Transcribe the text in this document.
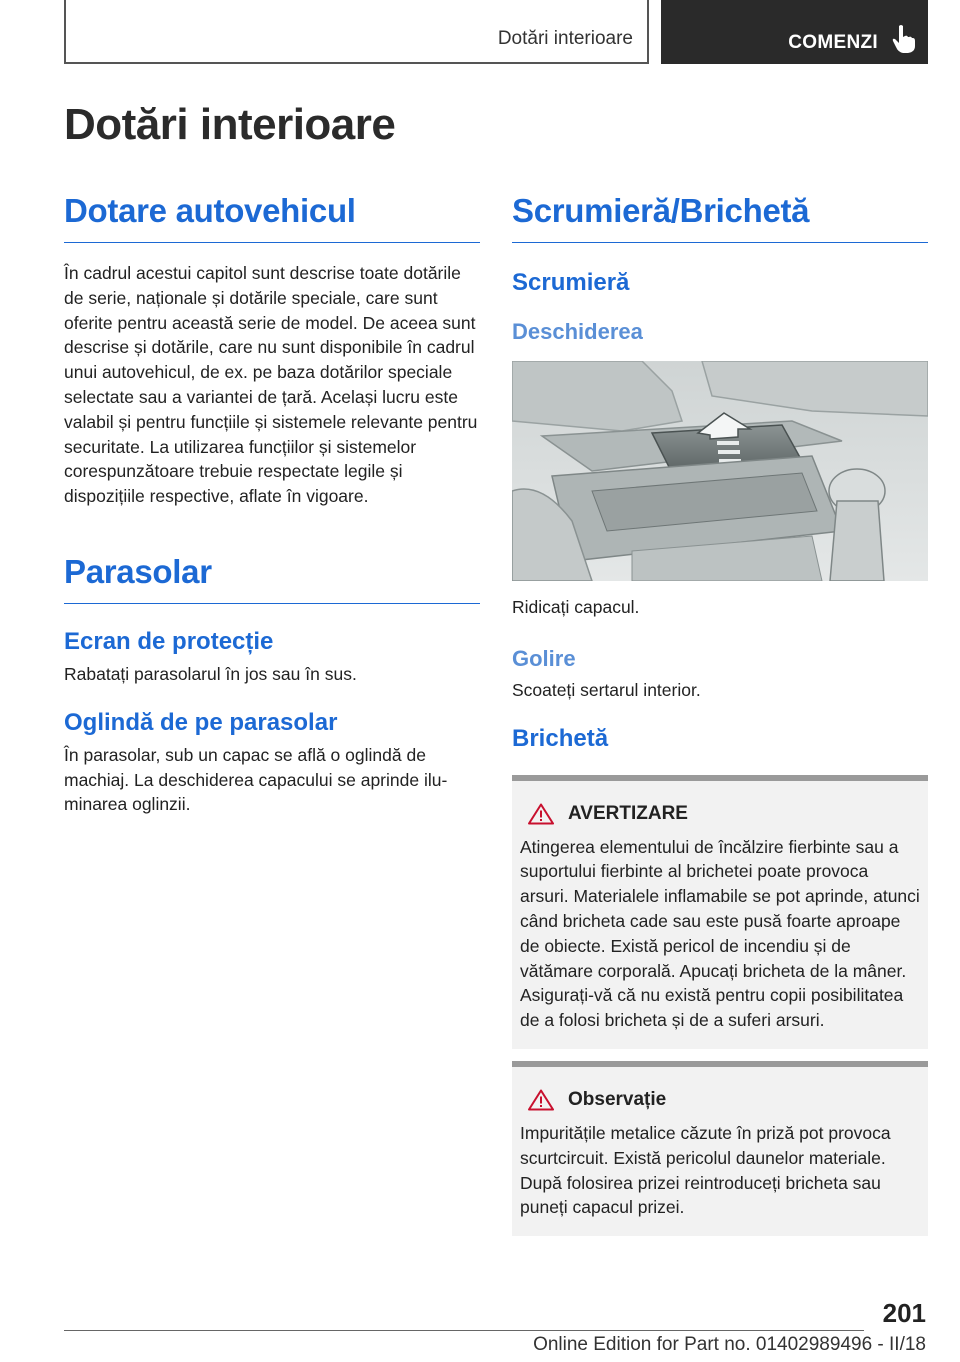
Dotări interioare	COMENZI
Dotări interioare
Dotare autovehicul

În cadrul acestui capitol sunt descrise toate dotările de serie, naționale și dotările speciale, care sunt oferite pentru această serie de model. De aceea sunt descrise și dotările, care nu sunt disponibile în cadrul unui autovehicul, de ex. pe baza dotărilor speciale selectate sau a variantei de țară. Același lucru este valabil și pentru funcțiile și sistemele relevante pentru securitate. La utilizarea funcțiilor și sistemelor corespunzătoare trebuie respectate legile și dispozițiile respective, aflate în vigoare.

Parasolar
Ecran de protecție

Rabatați parasolarul în jos sau în sus.

Oglindă de pe parasolar

În parasolar, sub un capac se află o oglindă de machiaj. La deschiderea capacului se aprinde iluminarea oglinzii.

Scrumieră/Brichetă
Scrumieră
Deschiderea

Ridicați capacul.

Golire

Scoateți sertarul interior.

Brichetă
AVERTIZARE

Atingerea elementului de încălzire fierbinte sau a suportului fierbinte al brichetei poate provoca arsuri. Materialele inflamabile se pot aprinde, atunci când bricheta cade sau este pusă foarte aproape de obiecte. Există pericol de incendiu și de vătămare corporală. Apucați bricheta de la mâner. Asigurați-vă că nu există pentru copii posibilitatea de a folosi bricheta și de a suferi arsuri.

Observație

Impuritățile metalice căzute în priză pot provoca scurtcircuit. Există pericolul daunelor materiale. După folosirea prizei reintroduceți bricheta sau puneți capacul prizei.

201
Online Edition for Part no. 01402989496 - II/18
